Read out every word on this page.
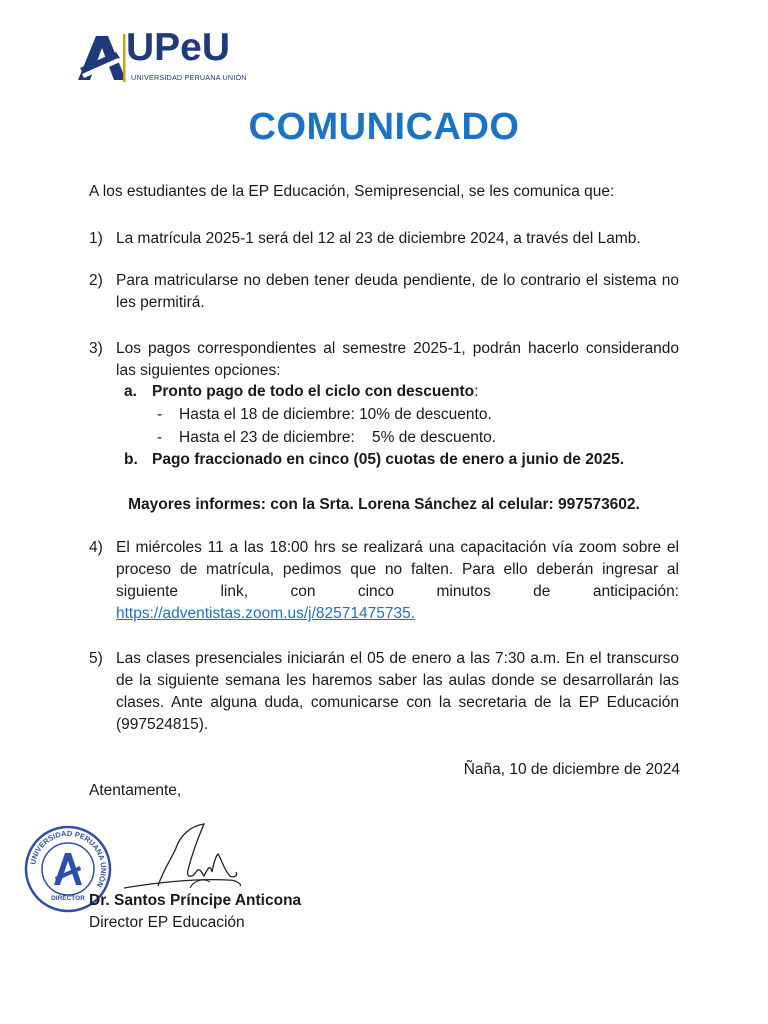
UPeU
UNIVERSIDAD PERUANA UNIÓN
COMUNICADO
A los estudiantes de la EP Educación, Semipresencial, se les comunica que:
1) La matrícula 2025-1 será del 12 al 23 de diciembre 2024, a través del Lamb.
2) Para matricularse no deben tener deuda pendiente, de lo contrario el sistema no les permitirá.
3) Los pagos correspondientes al semestre 2025-1, podrán hacerlo considerando las siguientes opciones:
a. Pronto pago de todo el ciclo con descuento:
- Hasta el 18 de diciembre: 10% de descuento.
- Hasta el 23 de diciembre:    5% de descuento.
b. Pago fraccionado en cinco (05) cuotas de enero a junio de 2025.
Mayores informes: con la Srta. Lorena Sánchez al celular: 997573602.
4) El miércoles 11 a las 18:00 hrs se realizará una capacitación vía zoom sobre el proceso de matrícula, pedimos que no falten. Para ello deberán ingresar al siguiente link, con cinco minutos de anticipación: https://adventistas.zoom.us/j/82571475735.
5) Las clases presenciales iniciarán el 05 de enero a las 7:30 a.m. En el transcurso de la siguiente semana les haremos saber las aulas donde se desarrollarán las clases. Ante alguna duda, comunicarse con la secretaria de la EP Educación (997524815).
Ñaña, 10 de diciembre de 2024
Atentamente,
UNIVERSIDAD PERUANA UNIÓN
DIRECTOR Dr. Santos Príncipe Anticona
Director EP Educación
